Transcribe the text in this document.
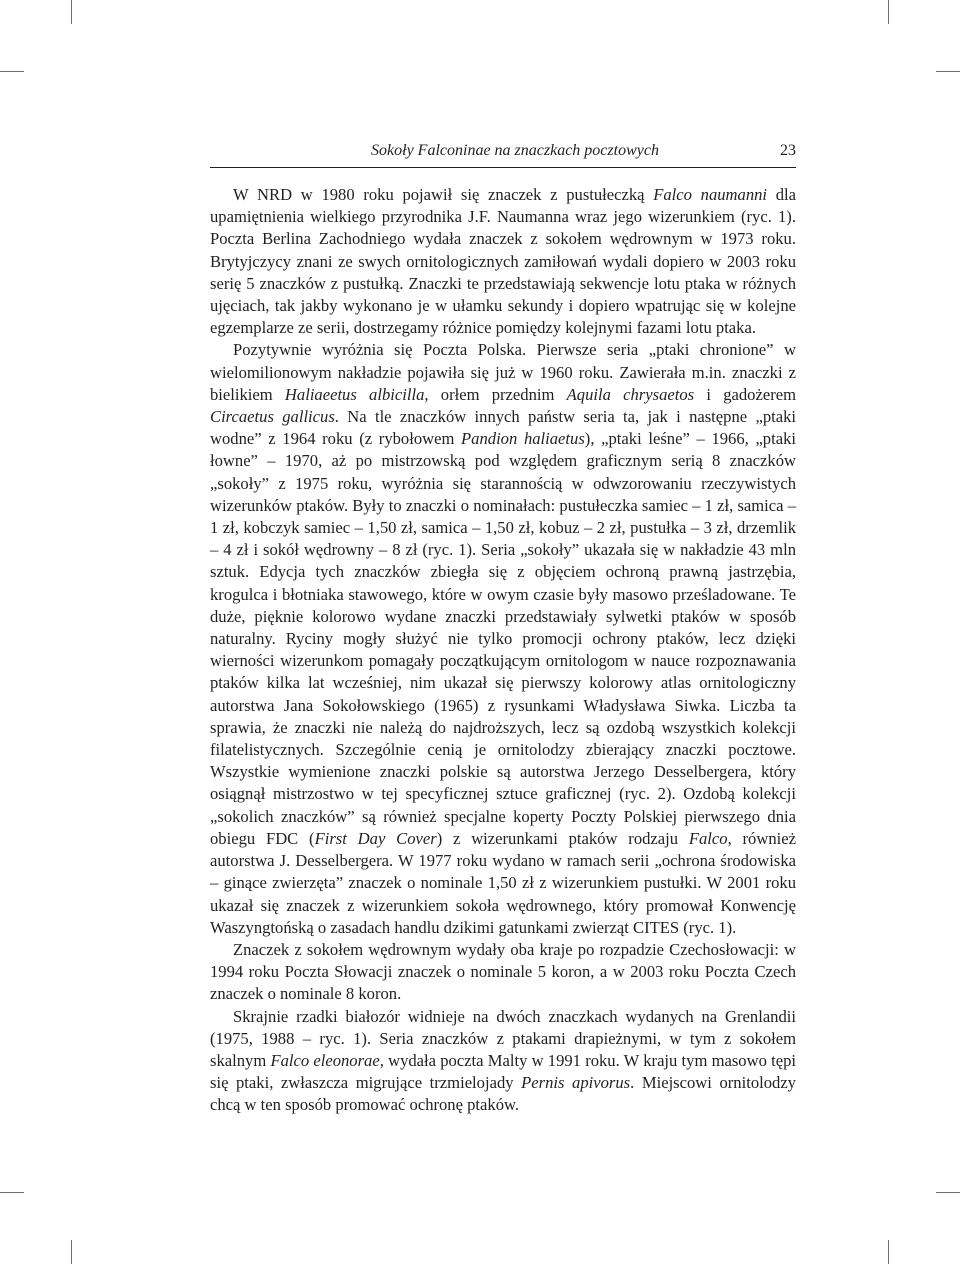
Sokoły Falconinae na znaczkach pocztowych	23

W NRD w 1980 roku pojawił się znaczek z pustułeczką Falco naumanni dla upamiętnienia wielkiego przyrodnika J.F. Naumanna wraz jego wizerunkiem (ryc. 1). Poczta Berlina Zachodniego wydała znaczek z sokołem wędrownym w 1973 roku. Brytyjczycy znani ze swych ornitologicznych zamiłowań wydali dopiero w 2003 roku serię 5 znaczków z pustułką. Znaczki te przedstawiają sekwencje lotu ptaka w różnych ujęciach, tak jakby wykonano je w ułamku sekundy i dopiero wpatrując się w kolejne egzemplarze ze serii, dostrzegamy różnice pomiędzy kolejnymi fazami lotu ptaka.

Pozytywnie wyróżnia się Poczta Polska. Pierwsze seria „ptaki chronione” w wielomilionowym nakładzie pojawiła się już w 1960 roku. Zawierała m.in. znaczki z bielikiem Haliaeetus albicilla, orłem przednim Aquila chrysaetos i gadożerem Circaetus gallicus. Na tle znaczków innych państw seria ta, jak i następne „ptaki wodne” z 1964 roku (z rybołowem Pandion haliaetus), „ptaki leśne” – 1966, „ptaki łowne” – 1970, aż po mistrzowską pod względem graficznym serią 8 znaczków „sokoły” z 1975 roku, wyróżnia się starannością w odwzorowaniu rzeczywistych wizerunków ptaków. Były to znaczki o nominałach: pustułeczka samiec – 1 zł, samica – 1 zł, kobczyk samiec – 1,50 zł, samica – 1,50 zł, kobuz – 2 zł, pustułka – 3 zł, drzemlik – 4 zł i sokół wędrowny – 8 zł (ryc. 1). Seria „sokoły” ukazała się w nakładzie 43 mln sztuk. Edycja tych znaczków zbiegła się z objęciem ochroną prawną jastrzębia, krogulca i błotniaka stawowego, które w owym czasie były masowo prześladowane. Te duże, pięknie kolorowo wydane znaczki przedstawiały sylwetki ptaków w sposób naturalny. Ryciny mogły służyć nie tylko promocji ochrony ptaków, lecz dzięki wierności wizerunkom pomagały początkującym ornitologom w nauce rozpoznawania ptaków kilka lat wcześniej, nim ukazał się pierwszy kolorowy atlas ornitologiczny autorstwa Jana Sokołowskiego (1965) z rysunkami Władysława Siwka. Liczba ta sprawia, że znaczki nie należą do najdroższych, lecz są ozdobą wszystkich kolekcji filatelistycznych. Szczególnie cenią je ornitolodzy zbierający znaczki pocztowe. Wszystkie wymienione znaczki polskie są autorstwa Jerzego Desselbergera, który osiągnął mistrzostwo w tej specyficznej sztuce graficznej (ryc. 2). Ozdobą kolekcji „sokolich znaczków” są również specjalne koperty Poczty Polskiej pierwszego dnia obiegu FDC (First Day Cover) z wizerunkami ptaków rodzaju Falco, również autorstwa J. Desselbergera. W 1977 roku wydano w ramach serii „ochrona środowiska – ginące zwierzęta” znaczek o nominale 1,50 zł z wizerunkiem pustułki. W 2001 roku ukazał się znaczek z wizerunkiem sokoła wędrownego, który promował Konwencję Waszyngtońską o zasadach handlu dzikimi gatunkami zwierząt CITES (ryc. 1).

Znaczek z sokołem wędrownym wydały oba kraje po rozpadzie Czechosłowacji: w 1994 roku Poczta Słowacji znaczek o nominale 5 koron, a w 2003 roku Poczta Czech znaczek o nominale 8 koron.

Skrajnie rzadki białozór widnieje na dwóch znaczkach wydanych na Grenlandii (1975, 1988 – ryc. 1). Seria znaczków z ptakami drapieżnymi, w tym z sokołem skalnym Falco eleonorae, wydała poczta Malty w 1991 roku. W kraju tym masowo tępi się ptaki, zwłaszcza migrujące trzmielojady Pernis apivorus. Miejscowi ornitolodzy chcą w ten sposób promować ochronę ptaków.
